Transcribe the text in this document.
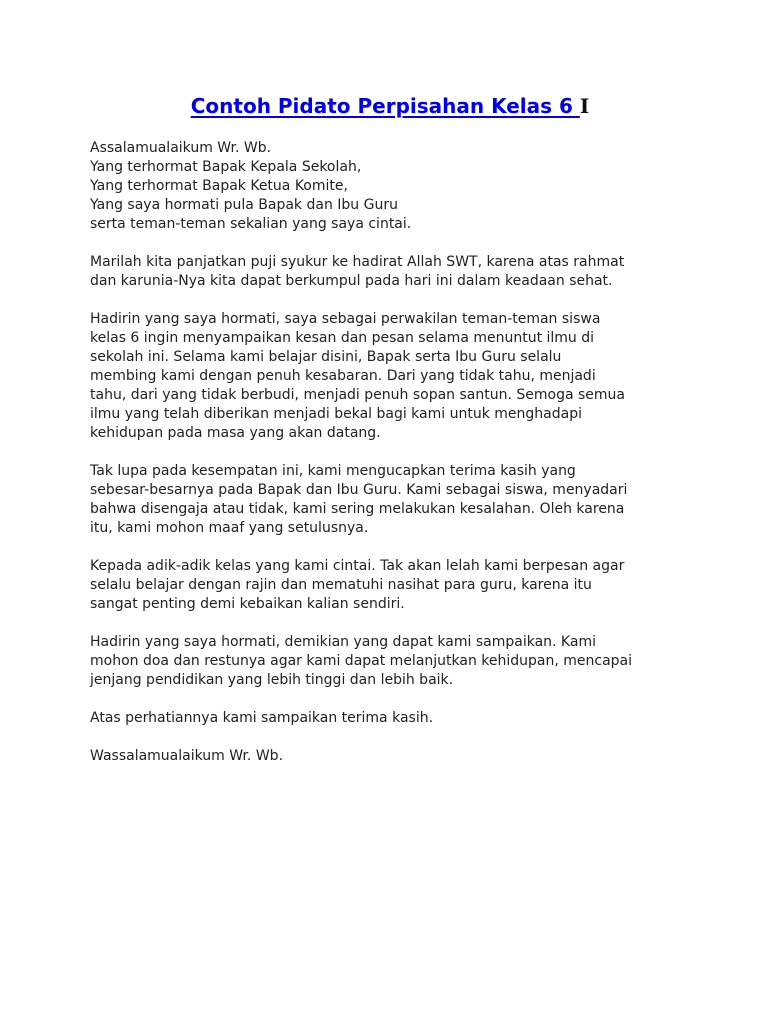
Contoh Pidato Perpisahan Kelas 6 I
Assalamualaikum Wr. Wb.
Yang terhormat Bapak Kepala Sekolah,
Yang terhormat Bapak Ketua Komite,
Yang saya hormati pula Bapak dan Ibu Guru
serta teman-teman sekalian yang saya cintai.
Marilah kita panjatkan puji syukur ke hadirat Allah SWT, karena atas rahmat
dan karunia-Nya kita dapat berkumpul pada hari ini dalam keadaan sehat.
Hadirin yang saya hormati, saya sebagai perwakilan teman-teman siswa
kelas 6 ingin menyampaikan kesan dan pesan selama menuntut ilmu di
sekolah ini. Selama kami belajar disini, Bapak serta Ibu Guru selalu
membing kami dengan penuh kesabaran. Dari yang tidak tahu, menjadi
tahu, dari yang tidak berbudi, menjadi penuh sopan santun. Semoga semua
ilmu yang telah diberikan menjadi bekal bagi kami untuk menghadapi
kehidupan pada masa yang akan datang.
Tak lupa pada kesempatan ini, kami mengucapkan terima kasih yang
sebesar-besarnya pada Bapak dan Ibu Guru. Kami sebagai siswa, menyadari
bahwa disengaja atau tidak, kami sering melakukan kesalahan. Oleh karena
itu, kami mohon maaf yang setulusnya.
Kepada adik-adik kelas yang kami cintai. Tak akan lelah kami berpesan agar
selalu belajar dengan rajin dan mematuhi nasihat para guru, karena itu
sangat penting demi kebaikan kalian sendiri.
Hadirin yang saya hormati, demikian yang dapat kami sampaikan. Kami
mohon doa dan restunya agar kami dapat melanjutkan kehidupan, mencapai
jenjang pendidikan yang lebih tinggi dan lebih baik.
Atas perhatiannya kami sampaikan terima kasih.
Wassalamualaikum Wr. Wb.
